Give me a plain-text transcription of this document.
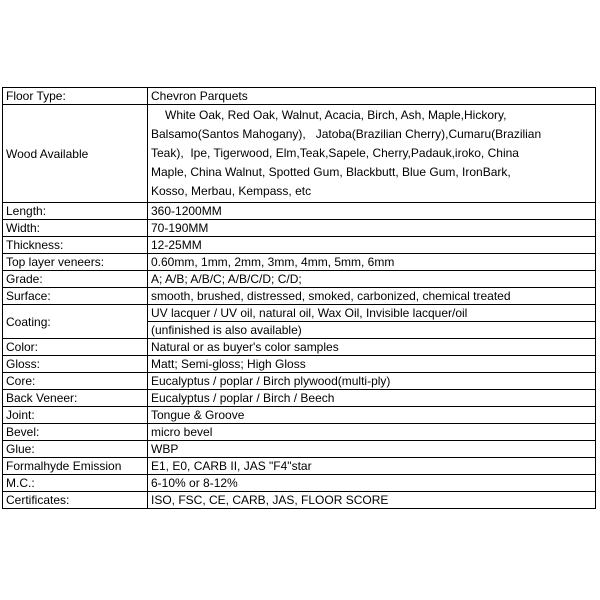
Floor Type:	Chevron Parquets
Wood Available	White Oak, Red Oak, Walnut, Acacia, Birch, Ash, Maple,Hickory,
Balsamo(Santos Mahogany),   Jatoba(Brazilian Cherry),Cumaru(Brazilian
Teak),  Ipe, Tigerwood, Elm,Teak,Sapele, Cherry,Padauk,iroko, China
Maple, China Walnut, Spotted Gum, Blackbutt, Blue Gum, IronBark,
Kosso, Merbau, Kempass, etc

Length:	360-1200MM
Width:	70-190MM
Thickness:	12-25MM
Top layer veneers:	0.60mm, 1mm, 2mm, 3mm, 4mm, 5mm, 6mm
Grade:	A; A/B; A/B/C; A/B/C/D; C/D;
Surface:	smooth, brushed, distressed, smoked, carbonized, chemical treated
Coating:	UV lacquer / UV oil, natural oil, Wax Oil, Invisible lacquer/oil
(unfinished is also available)

Color:	Natural or as buyer's color samples
Gloss:	Matt; Semi-gloss; High Gloss
Core:	Eucalyptus / poplar / Birch plywood(multi-ply)
Back Veneer:	Eucalyptus / poplar / Birch / Beech
Joint:	Tongue & Groove
Bevel:	micro bevel
Glue:	WBP
Formalhyde Emission	E1, E0, CARB II, JAS "F4"star
M.C.:	6-10% or 8-12%
Certificates:	ISO, FSC, CE, CARB, JAS, FLOOR SCORE
